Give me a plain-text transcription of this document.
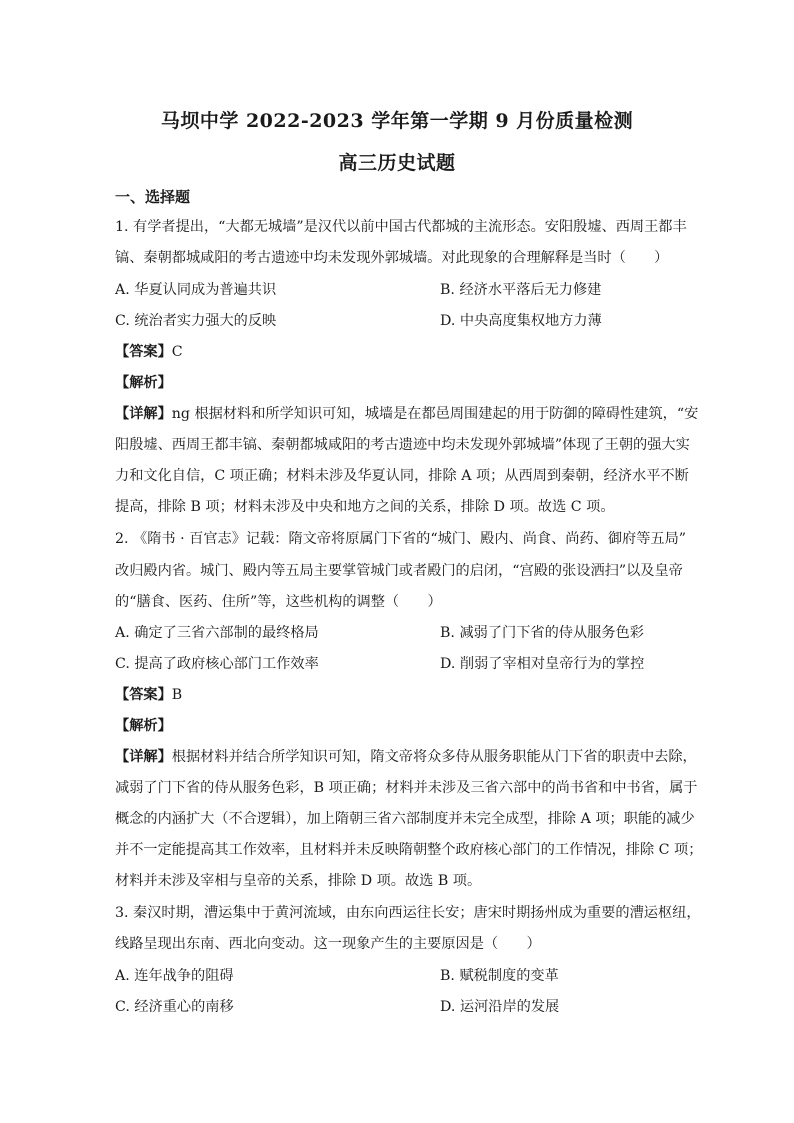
马坝中学 2022-2023 学年第一学期 9 月份质量检测
高三历史试题
一、选择题
1. 有学者提出，“大都无城墙”是汉代以前中国古代都城的主流形态。安阳殷墟、西周王都丰
镐、秦朝都城咸阳的考古遗迹中均未发现外郭城墙。对此现象的合理解释是当时（　　）
A. 华夏认同成为普遍共识	B. 经济水平落后无力修建
C. 统治者实力强大的反映	D. 中央高度集权地方力薄
【答案】C
【解析】
【详解】ng 根据材料和所学知识可知，城墙是在都邑周围建起的用于防御的障碍性建筑，“安
阳殷墟、西周王都丰镐、秦朝都城咸阳的考古遗迹中均未发现外郭城墙”体现了王朝的强大实
力和文化自信，C 项正确；材料未涉及华夏认同，排除 A 项；从西周到秦朝，经济水平不断
提高，排除 B 项；材料未涉及中央和地方之间的关系，排除 D 项。故选 C 项。
2. 《隋书 · 百官志》记载：隋文帝将原属门下省的“城门、殿内、尚食、尚药、御府等五局”
改归殿内省。城门、殿内等五局主要掌管城门或者殿门的启闭，“宫殿的张设洒扫”以及皇帝
的“膳食、医药、住所”等，这些机构的调整（　　）
A. 确定了三省六部制的最终格局	B. 减弱了门下省的侍从服务色彩
C. 提高了政府核心部门工作效率	D. 削弱了宰相对皇帝行为的掌控
【答案】B
【解析】
【详解】根据材料并结合所学知识可知，隋文帝将众多侍从服务职能从门下省的职责中去除，
减弱了门下省的侍从服务色彩，B 项正确；材料并未涉及三省六部中的尚书省和中书省，属于
概念的内涵扩大（不合逻辑），加上隋朝三省六部制度并未完全成型，排除 A 项；职能的减少
并不一定能提高其工作效率，且材料并未反映隋朝整个政府核心部门的工作情况，排除 C 项；
材料并未涉及宰相与皇帝的关系，排除 D 项。故选 B 项。
3. 秦汉时期，漕运集中于黄河流域，由东向西运往长安；唐宋时期扬州成为重要的漕运枢纽，
线路呈现出东南、西北向变动。这一现象产生的主要原因是（　　）
A. 连年战争的阻碍	B. 赋税制度的变革
C. 经济重心的南移	D. 运河沿岸的发展
